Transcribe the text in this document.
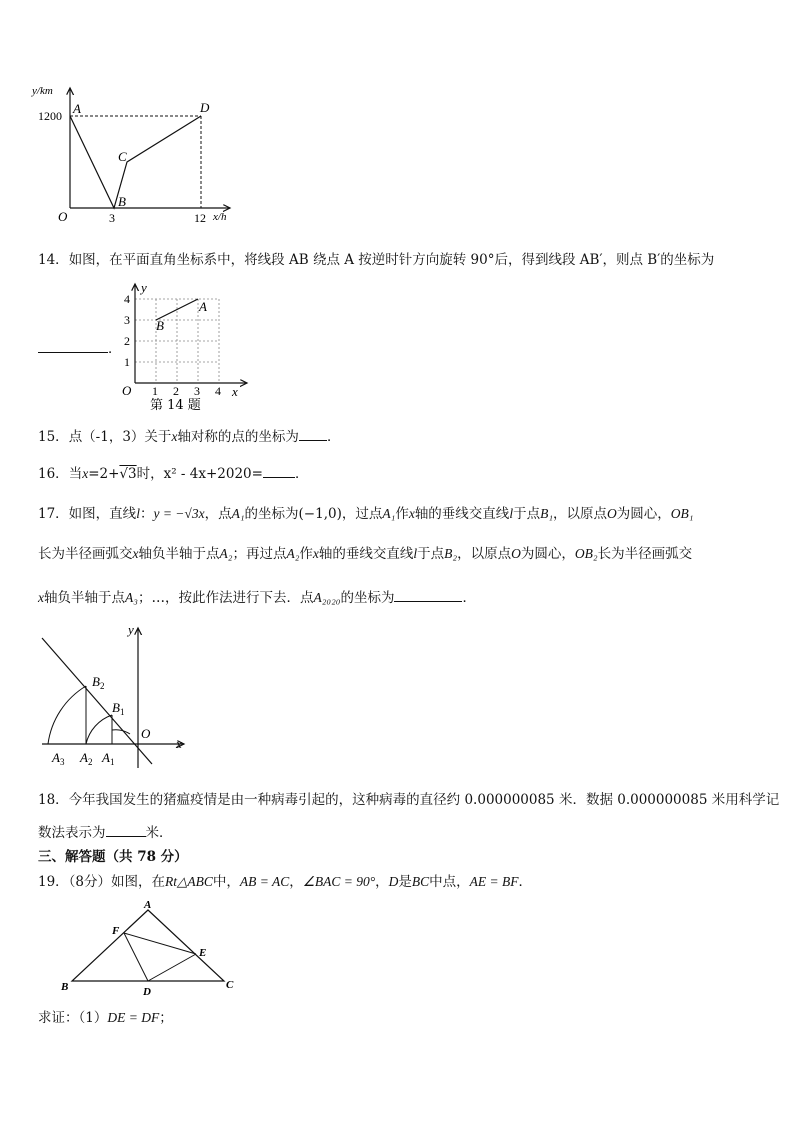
y/km
1200 A
C
D
B
O	3	12 x/h
14．如图，在平面直角坐标系中，将线段 AB 绕点 A 按逆时针方向旋转 90°后，得到线段 AB′，则点 B′的坐标为
．
y
x
O
4
3
2
1
1 2 3 4
A
B
第 14 题
15．点（-1，3）关于x轴对称的点的坐标为 ．
16．当x=2+√3时，x² - 4x+2020= ．
17．如图，直线l：y = −√3x，点A₁的坐标为(−1,0)，过点A₁作x轴的垂线交直线l于点B₁，以原点O为圆心，OB₁
长为半径画弧交x轴负半轴于点A₂；再过点A₂作x轴的垂线交直线l于点B₂，以原点O为圆心，OB₂长为半径画弧交
x轴负半轴于点A₃；…，按此作法进行下去．点A₂₀₂₀的坐标为	．
y
x
O
$B_2$
$B_1$
$A_3$ $A_2$ $A_1$
18．今年我国发生的猪瘟疫情是由一种病毒引起的，这种病毒的直径约 0.000000085 米．数据 0.000000085 米用科学记
数法表示为	米．
三、解答题（共 78 分）
19．（8分）如图，在Rt△ABC中，AB = AC，∠BAC = 90°，D是BC中点，AE = BF．
A
F
E
B	D
C
求证：（1）DE = DF；
